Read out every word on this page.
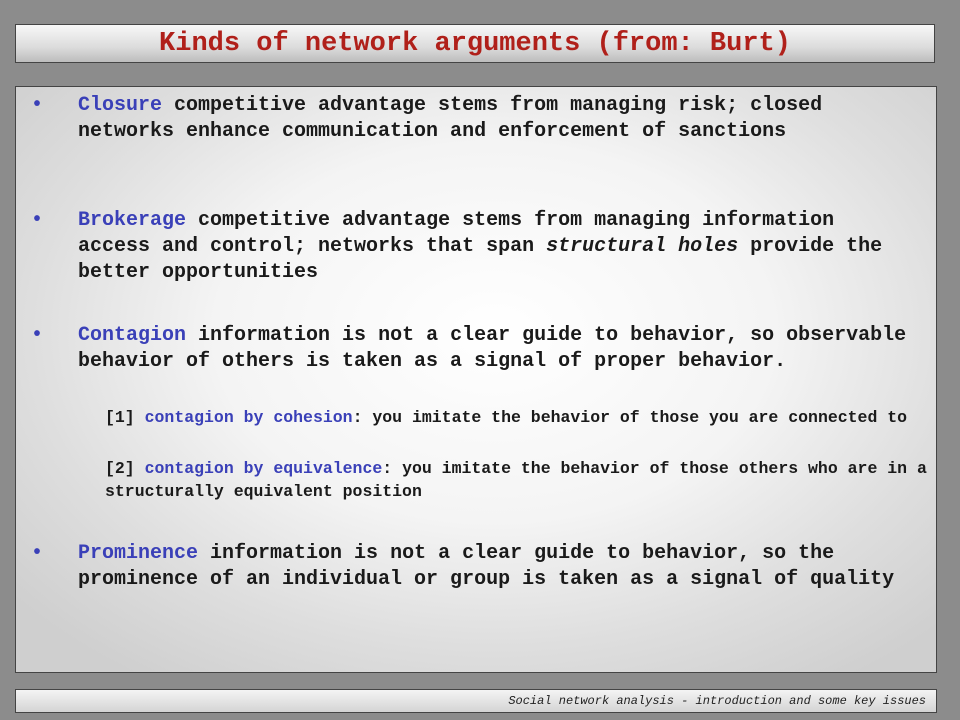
Kinds of network arguments (from: Burt)
• Closure competitive advantage stems from managing risk; closed networks enhance communication and enforcement of sanctions
• Brokerage competitive advantage stems from managing information access and control; networks that span structural holes provide the better opportunities
• Contagion information is not a clear guide to behavior, so observable behavior of others is taken as a signal of proper behavior.
[1] contagion by cohesion: you imitate the behavior of those you are connected to
[2] contagion by equivalence: you imitate the behavior of those others who are in a structurally equivalent position
• Prominence information is not a clear guide to behavior, so the prominence of an individual or group is taken as a signal of quality
Social network analysis - introduction and some key issues
